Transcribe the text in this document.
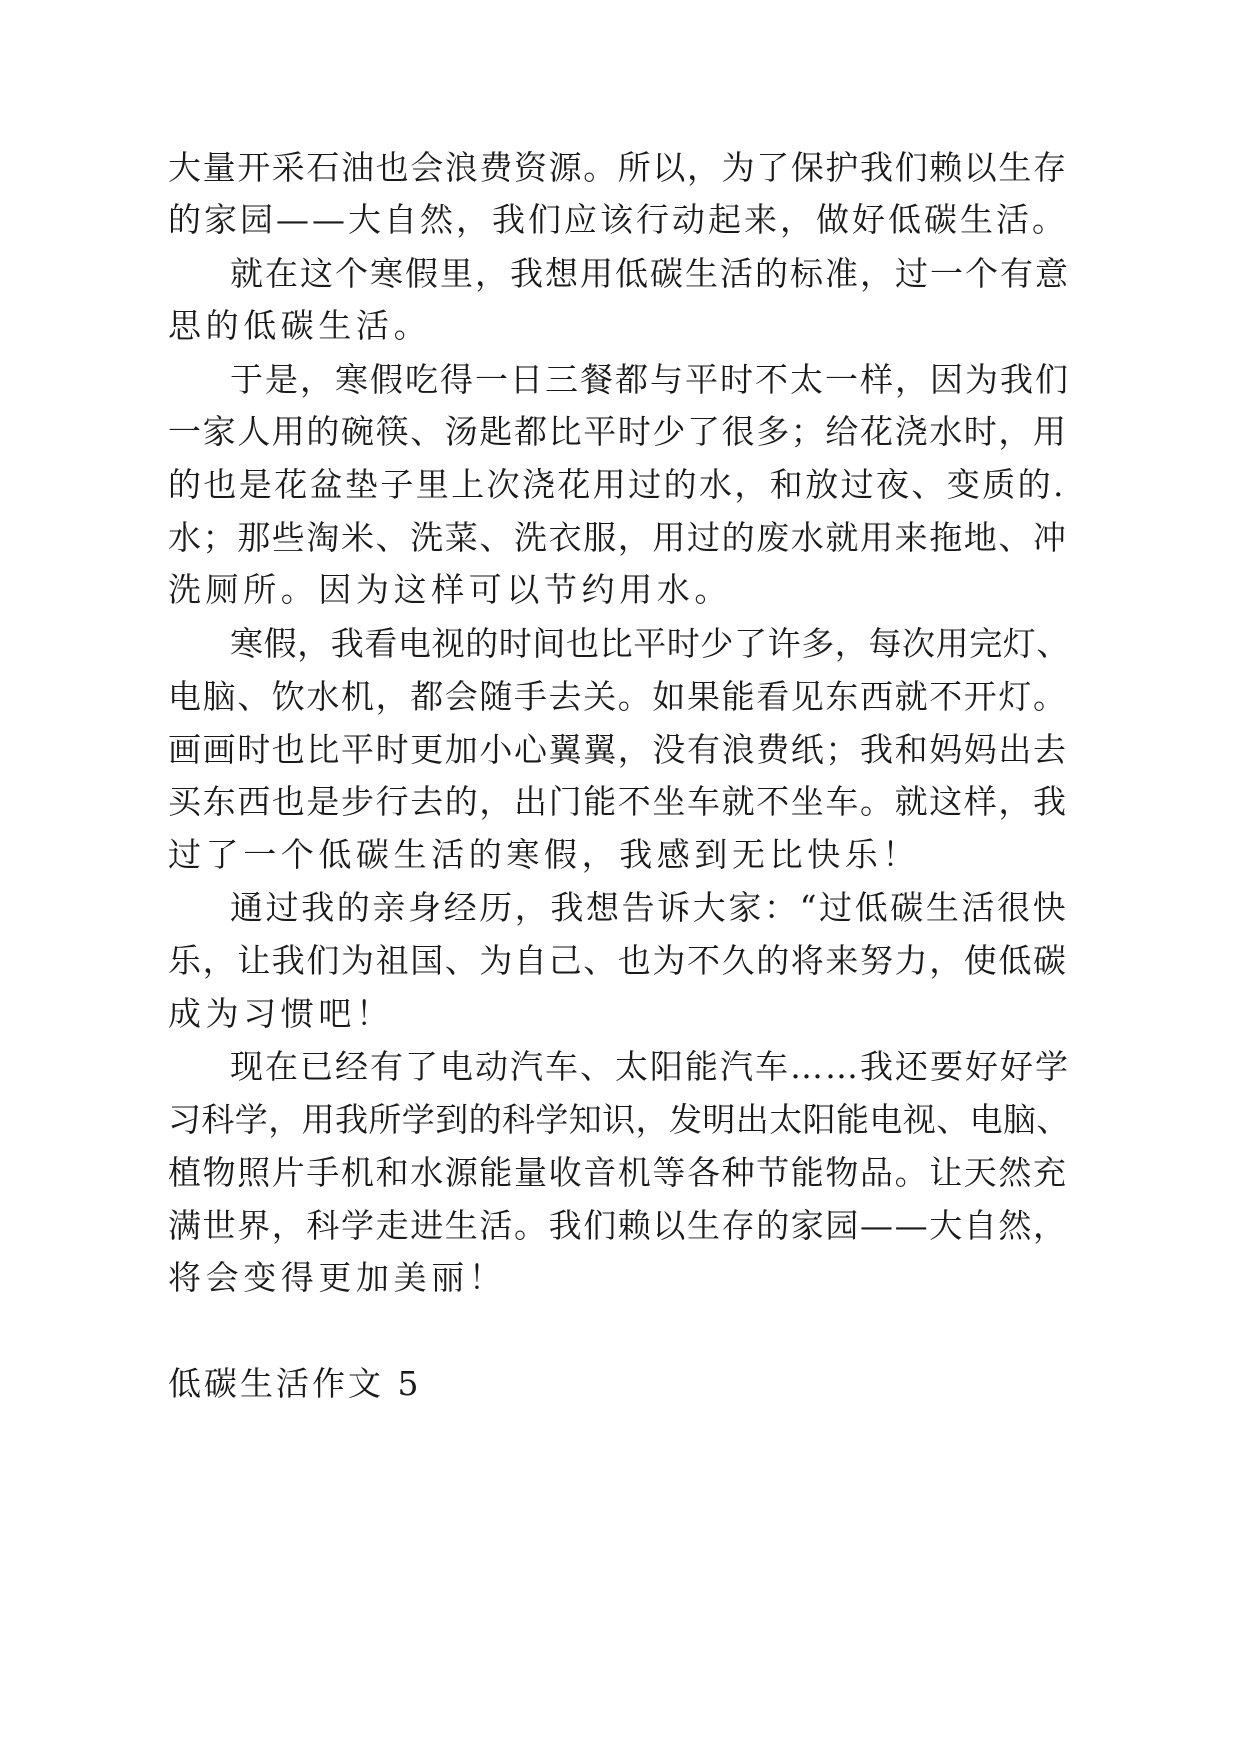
大量开采石油也会浪费资源。所以，为了保护我们赖以生存
的家园——大自然，我们应该行动起来，做好低碳生活。
就在这个寒假里，我想用低碳生活的标准，过一个有意
思的低碳生活。
于是，寒假吃得一日三餐都与平时不太一样，因为我们
一家人用的碗筷、汤匙都比平时少了很多；给花浇水时，用
的也是花盆垫子里上次浇花用过的水，和放过夜、变质的.
水；那些淘米、洗菜、洗衣服，用过的废水就用来拖地、冲
洗厕所。因为这样可以节约用水。
寒假，我看电视的时间也比平时少了许多，每次用完灯、
电脑、饮水机，都会随手去关。如果能看见东西就不开灯。
画画时也比平时更加小心翼翼，没有浪费纸；我和妈妈出去
买东西也是步行去的，出门能不坐车就不坐车。就这样，我
过了一个低碳生活的寒假，我感到无比快乐！
通过我的亲身经历，我想告诉大家：“过低碳生活很快
乐，让我们为祖国、为自己、也为不久的将来努力，使低碳
成为习惯吧！
现在已经有了电动汽车、太阳能汽车……我还要好好学
习科学，用我所学到的科学知识，发明出太阳能电视、电脑、
植物照片手机和水源能量收音机等各种节能物品。让天然充
满世界，科学走进生活。我们赖以生存的家园——大自然，
将会变得更加美丽！
低碳生活作文 5
